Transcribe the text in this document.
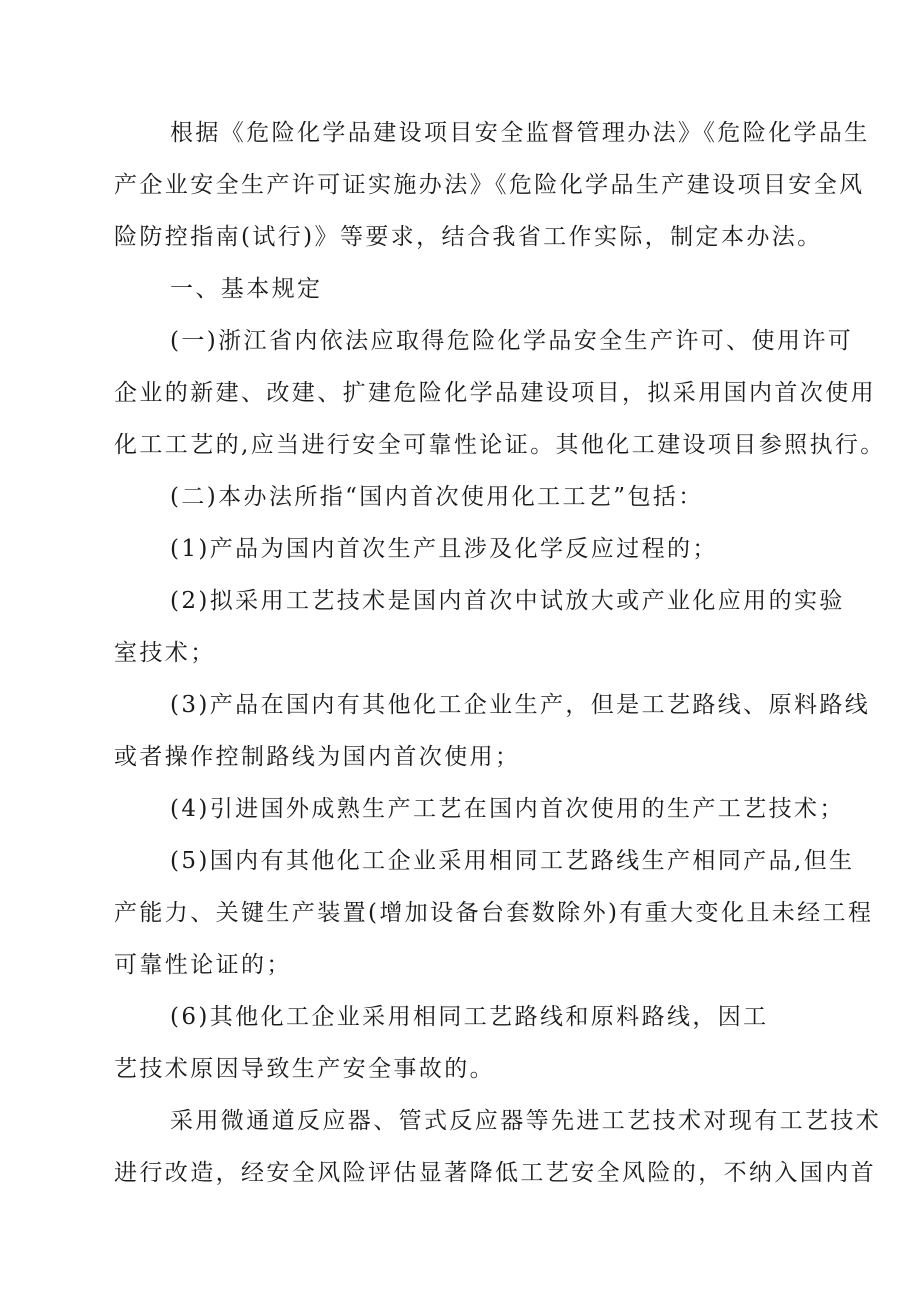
根据《危险化学品建设项目安全监督管理办法》《危险化学品生
产企业安全生产许可证实施办法》《危险化学品生产建设项目安全风
险防控指南(试行)》等要求，结合我省工作实际，制定本办法。
一、基本规定
(一)浙江省内依法应取得危险化学品安全生产许可、使用许可
企业的新建、改建、扩建危险化学品建设项目，拟采用国内首次使用
化工工艺的,应当进行安全可靠性论证。其他化工建设项目参照执行。
(二)本办法所指“国内首次使用化工工艺”包括：
(1)产品为国内首次生产且涉及化学反应过程的；
(2)拟采用工艺技术是国内首次中试放大或产业化应用的实验
室技术；
(3)产品在国内有其他化工企业生产，但是工艺路线、原料路线
或者操作控制路线为国内首次使用；
(4)引进国外成熟生产工艺在国内首次使用的生产工艺技术；
(5)国内有其他化工企业采用相同工艺路线生产相同产品,但生
产能力、关键生产装置(增加设备台套数除外)有重大变化且未经工程
可靠性论证的；
(6)其他化工企业采用相同工艺路线和原料路线，因工
艺技术原因导致生产安全事故的。
采用微通道反应器、管式反应器等先进工艺技术对现有工艺技术
进行改造，经安全风险评估显著降低工艺安全风险的，不纳入国内首
